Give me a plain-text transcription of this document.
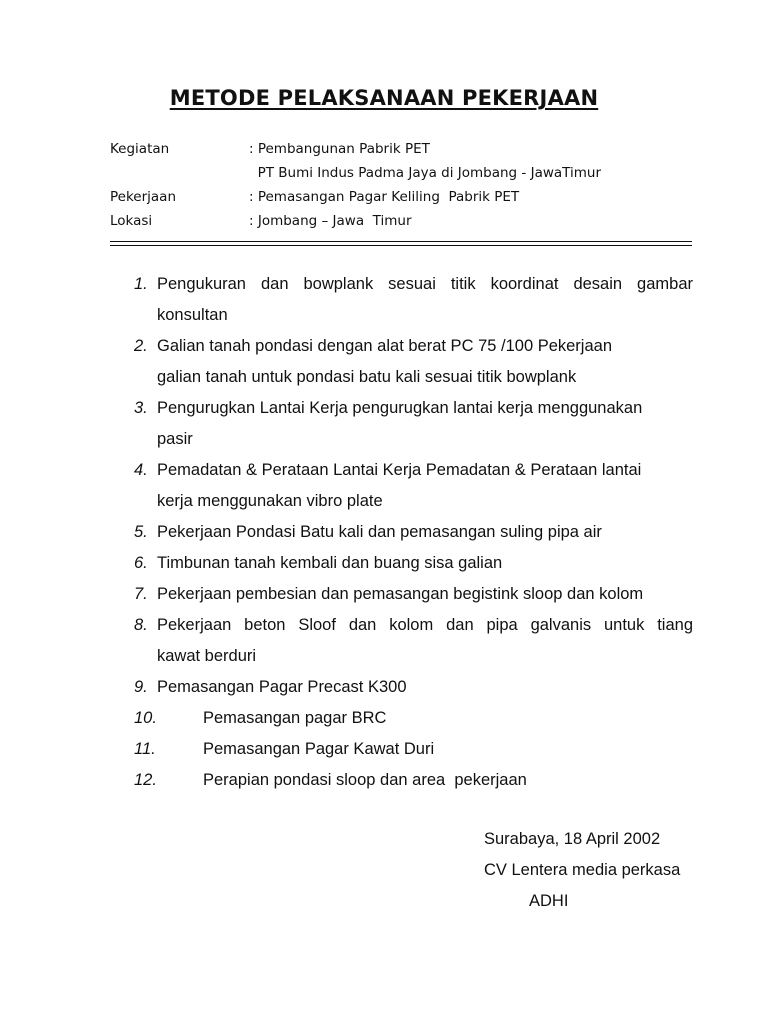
METODE PELAKSANAAN PEKERJAAN
Kegiatan	: Pembangunan Pabrik PET
PT Bumi Indus Padma Jaya di Jombang - JawaTimur
Pekerjaan	: Pemasangan Pagar Keliling  Pabrik PET
Lokasi	: Jombang – Jawa  Timur
1. Pengukuran dan bowplank sesuai titik koordinat desain gambar
konsultan
2. Galian tanah pondasi dengan alat berat PC 75 /100 Pekerjaan
galian tanah untuk pondasi batu kali sesuai titik bowplank
3. Pengurugkan Lantai Kerja pengurugkan lantai kerja menggunakan
pasir
4. Pemadatan & Perataan Lantai Kerja Pemadatan & Perataan lantai
kerja menggunakan vibro plate
5. Pekerjaan Pondasi Batu kali dan pemasangan suling pipa air
6. Timbunan tanah kembali dan buang sisa galian
7. Pekerjaan pembesian dan pemasangan begistink sloop dan kolom
8. Pekerjaan beton Sloof dan kolom dan pipa galvanis untuk tiang
kawat berduri
9. Pemasangan Pagar Precast K300
10.	Pemasangan pagar BRC
11.	Pemasangan Pagar Kawat Duri
12.	Perapian pondasi sloop dan area  pekerjaan
Surabaya, 18 April 2002
CV Lentera media perkasa
ADHI
